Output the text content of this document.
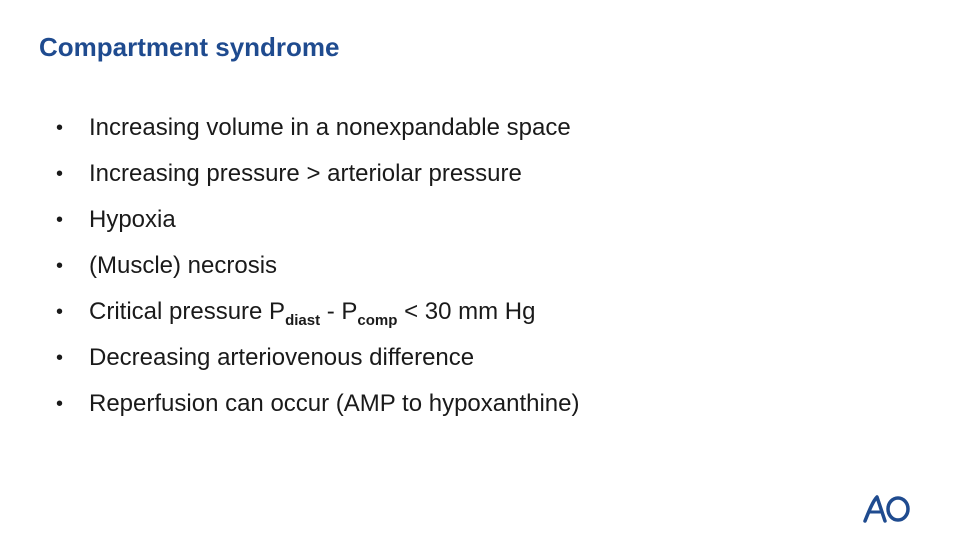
Compartment syndrome
•	Increasing volume in a nonexpandable space
•	Increasing pressure > arteriolar pressure
•	Hypoxia
•	(Muscle) necrosis
•	Critical pressure $P_{diast} - P_{comp} < 30$ mm Hg
•	Decreasing arteriovenous difference
•	Reperfusion can occur (AMP to hypoxanthine)
